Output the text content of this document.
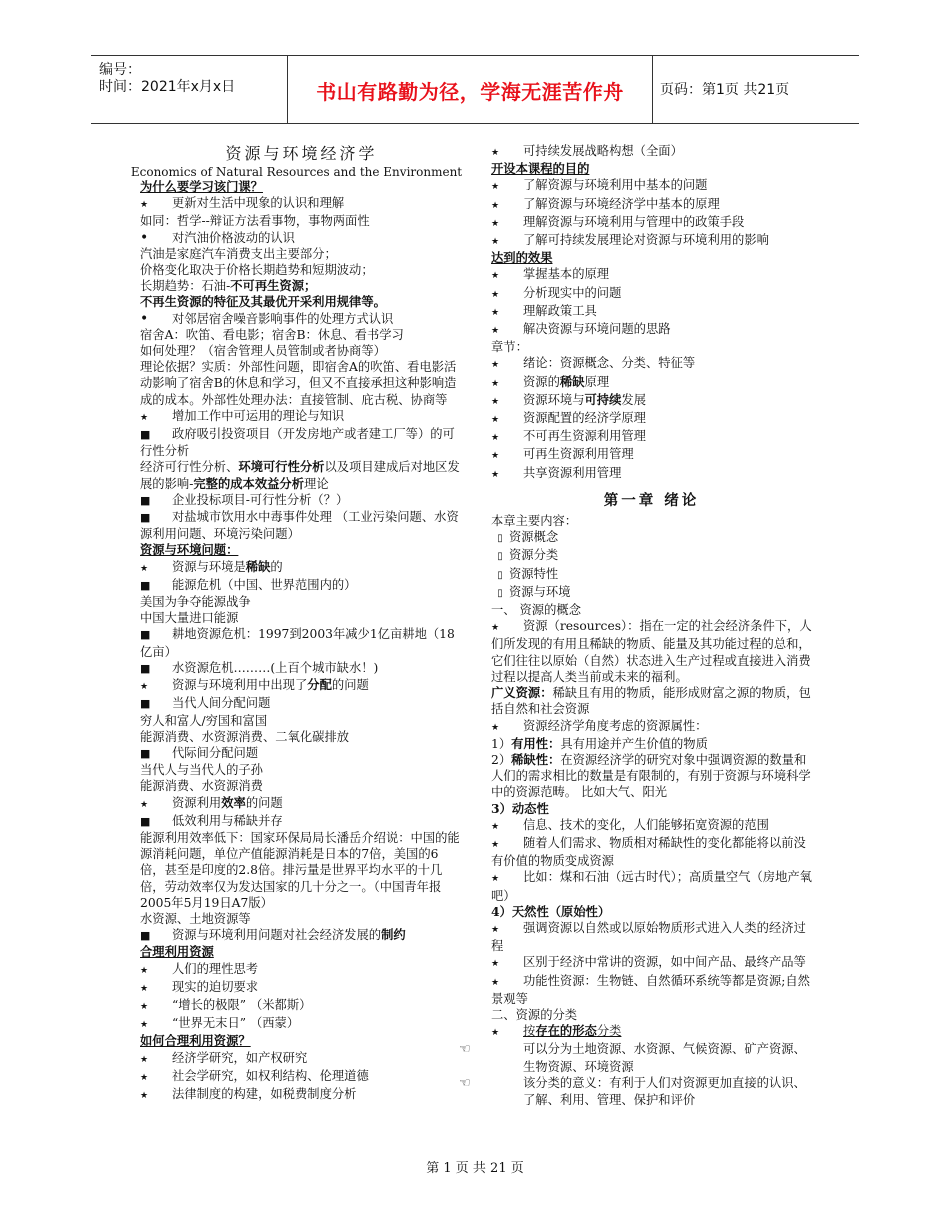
编号：
时间：2021年x月x日	书山有路勤为径，学海无涯苦作舟	页码：第1页 共21页
资源与环境经济学
Economics of Natural Resources and the Environment
为什么要学习该门课？
★ 更新对生活中现象的认识和理解
如同：哲学--辩证方法看事物，事物两面性
• 对汽油价格波动的认识
汽油是家庭汽车消费支出主要部分；
价格变化取决于价格长期趋势和短期波动；
长期趋势：石油-不可再生资源；
不再生资源的特征及其最优开采利用规律等。
• 对邻居宿舍噪音影响事件的处理方式认识
宿舍A：吹笛、看电影；宿舍B：休息、看书学习
如何处理？（宿舍管理人员管制或者协商等）
理论依据？实质：外部性问题，即宿舍A的吹笛、看电影活动影响了宿舍B的休息和学习，但又不直接承担这种影响造成的成本。外部性处理办法：直接管制、庇古税、协商等
★ 增加工作中可运用的理论与知识
■ 政府吸引投资项目（开发房地产或者建工厂等）的可行性分析
经济可行性分析、环境可行性分析以及项目建成后对地区发展的影响-完整的成本效益分析理论
■ 企业投标项目-可行性分析（？）
■ 对盐城市饮用水中毒事件处理 （工业污染问题、水资源利用问题、环境污染问题）
资源与环境问题：
★ 资源与环境是稀缺的
■ 能源危机（中国、世界范围内的）
美国为争夺能源战争
中国大量进口能源
■ 耕地资源危机：1997到2003年减少1亿亩耕地（18亿亩）
■ 水资源危机………(上百个城市缺水！)
★ 资源与环境利用中出现了分配的问题
■ 当代人间分配问题
穷人和富人/穷国和富国
能源消费、水资源消费、二氧化碳排放
■ 代际间分配问题
当代人与当代人的子孙
能源消费、水资源消费
★ 资源利用效率的问题
■ 低效利用与稀缺并存
能源利用效率低下：国家环保局局长潘岳介绍说：中国的能源消耗问题，单位产值能源消耗是日本的7倍，美国的6倍，甚至是印度的2.8倍。排污量是世界平均水平的十几倍，劳动效率仅为发达国家的几十分之一。（中国青年报2005年5月19日A7版）
水资源、土地资源等
■ 资源与环境利用问题对社会经济发展的制约
合理利用资源
★ 人们的理性思考
★ 现实的迫切要求
★ “增长的极限” （米都斯）
★ “世界无末日” （西蒙）
如何合理利用资源？
★ 经济学研究，如产权研究
★ 社会学研究，如权利结构、伦理道德
★ 法律制度的构建，如税费制度分析
★ 可持续发展战略构想（全面）
开设本课程的目的
★ 了解资源与环境利用中基本的问题
★ 了解资源与环境经济学中基本的原理
★ 理解资源与环境利用与管理中的政策手段
★ 了解可持续发展理论对资源与环境利用的影响
达到的效果
★ 掌握基本的原理
★ 分析现实中的问题
★ 理解政策工具
★ 解决资源与环境问题的思路
章节：
★ 绪论：资源概念、分类、特征等
★ 资源的稀缺原理
★ 资源环境与可持续发展
★ 资源配置的经济学原理
★ 不可再生资源利用管理
★ 可再生资源利用管理
★ 共享资源利用管理
第一章 绪论
本章主要内容：
▯ 资源概念
▯ 资源分类
▯ 资源特性
▯ 资源与环境
一、 资源的概念
★ 资源（resources）：指在一定的社会经济条件下，人们所发现的有用且稀缺的物质、能量及其功能过程的总和，它们往往以原始（自然）状态进入生产过程或直接进入消费过程以提高人类当前或未来的福利。
广义资源：稀缺且有用的物质，能形成财富之源的物质，包括自然和社会资源
★ 资源经济学角度考虑的资源属性：
1）有用性：具有用途并产生价值的物质
2）稀缺性：在资源经济学的研究对象中强调资源的数量和人们的需求相比的数量是有限制的，有别于资源与环境科学中的资源范畴。 比如大气、阳光
3）动态性
★ 信息、技术的变化，人们能够拓宽资源的范围
★ 随着人们需求、物质相对稀缺性的变化都能将以前没有价值的物质变成资源
★ 比如：煤和石油（远古时代）；高质量空气（房地产氧吧）
4）天然性（原始性）
★ 强调资源以自然或以原始物质形式进入人类的经济过程
★ 区别于经济中常讲的资源，如中间产品、最终产品等
★ 功能性资源：生物链、自然循环系统等都是资源;自然景观等
二、资源的分类
★ 按存在的形态分类
☜	可以分为土地资源、水资源、气候资源、矿产资源、生物资源、环境资源
☜	该分类的意义：有利于人们对资源更加直接的认识、了解、利用、管理、保护和评价
第 1 页 共 21 页
